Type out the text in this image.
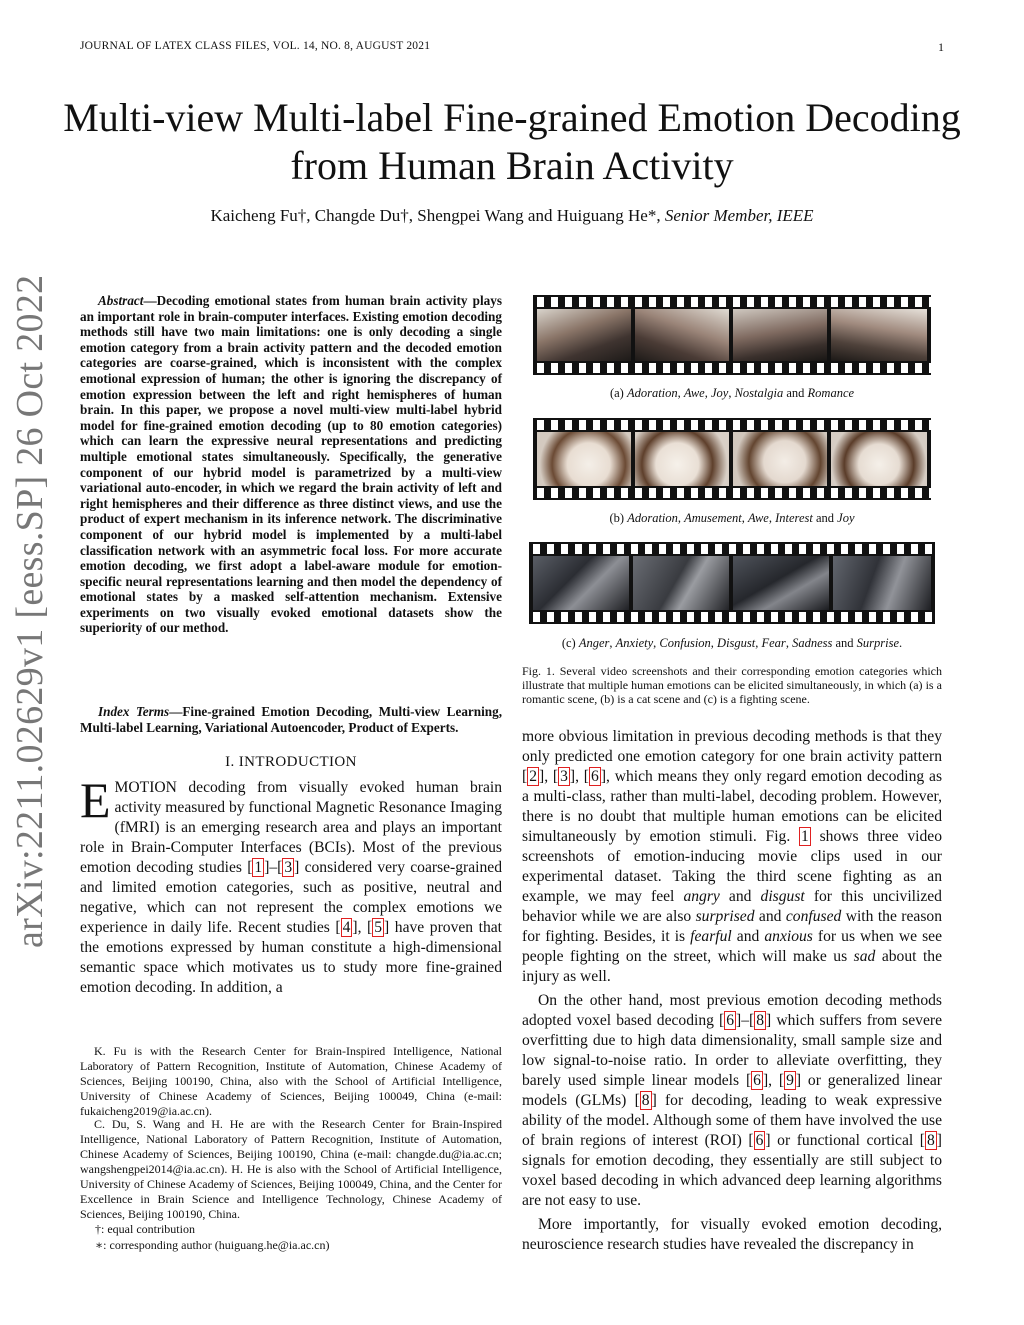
JOURNAL OF LATEX CLASS FILES, VOL. 14, NO. 8, AUGUST 2021	1
Multi-view Multi-label Fine-grained Emotion Decoding from Human Brain Activity
Kaicheng Fu†, Changde Du†, Shengpei Wang and Huiguang He*, Senior Member, IEEE
arXiv:2211.02629v1 [eess.SP] 26 Oct 2022	Abstract—Decoding emotional states from human brain activity plays an important role in brain-computer interfaces. Existing emotion decoding methods still have two main limitations: one is only decoding a single emotion category from a brain activity pattern and the decoded emotion categories are coarse-grained, which is inconsistent with the complex emotional expression of human; the other is ignoring the discrepancy of emotion expression between the left and right hemispheres of human brain. In this paper, we propose a novel multi-view multi-label hybrid model for fine-grained emotion decoding (up to 80 emotion categories) which can learn the expressive neural representations and predicting multiple emotional states simultaneously. Specifically, the generative component of our hybrid model is parametrized by a multi-view variational auto-encoder, in which we regard the brain activity of left and right hemispheres and their difference as three distinct views, and use the product of expert mechanism in its inference network. The discriminative component of our hybrid model is implemented by a multi-label classification network with an asymmetric focal loss. For more accurate emotion decoding, we first adopt a label-aware module for emotion-specific neural representations learning and then model the dependency of emotional states by a masked self-attention mechanism. Extensive experiments on two visually evoked emotional datasets show the superiority of our method.
Index Terms—Fine-grained Emotion Decoding, Multi-view Learning, Multi-label Learning, Variational Autoencoder, Product of Experts.
I. INTRODUCTION
EMOTION decoding from visually evoked human brain activity measured by functional Magnetic Resonance Imaging (fMRI) is an emerging research area and plays an important role in Brain-Computer Interfaces (BCIs). Most of the previous emotion decoding studies [ 1 ]–[ 3 ] considered very coarse-grained and limited emotion categories, such as positive, neutral and negative, which can not represent the complex emotions we experience in daily life. Recent studies [ 4 ], [ 5 ] have proven that the emotions expressed by human constitute a high-dimensional semantic space which motivates us to study more fine-grained emotion decoding. In addition, a
K. Fu is with the Research Center for Brain-Inspired Intelligence, National Laboratory of Pattern Recognition, Institute of Automation, Chinese Academy of Sciences, Beijing 100190, China, also with the School of Artificial Intelligence, University of Chinese Academy of Sciences, Beijing 100049, China (e-mail: fukaicheng2019@ia.ac.cn).
C. Du, S. Wang and H. He are with the Research Center for Brain-Inspired Intelligence, National Laboratory of Pattern Recognition, Institute of Automation, Chinese Academy of Sciences, Beijing 100190, China (e-mail: changde.du@ia.ac.cn; wangshengpei2014@ia.ac.cn). H. He is also with the School of Artificial Intelligence, University of Chinese Academy of Sciences, Beijing 100049, China, and the Center for Excellence in Brain Science and Intelligence Technology, Chinese Academy of Sciences, Beijing 100190, China.
†: equal contribution
∗: corresponding author (huiguang.he@ia.ac.cn)
(a) Adoration, Awe, Joy, Nostalgia and Romance
(b) Adoration, Amusement, Awe, Interest and Joy
(c) Anger, Anxiety, Confusion, Disgust, Fear, Sadness and Surprise.
Fig. 1. Several video screenshots and their corresponding emotion categories which illustrate that multiple human emotions can be elicited simultaneously, in which (a) is a romantic scene, (b) is a cat scene and (c) is a fighting scene.

more obvious limitation in previous decoding methods is that they only predicted one emotion category for one brain activity pattern [ 2 ], [ 3 ], [ 6 ], which means they only regard emotion decoding as a multi-class, rather than multi-label, decoding problem. However, there is no doubt that multiple human emotions can be elicited simultaneously by emotion stimuli. Fig. 1 shows three video screenshots of emotion-inducing movie clips used in our experimental dataset. Taking the third scene fighting as an example, we may feel angry and disgust for this uncivilized behavior while we are also surprised and confused with the reason for fighting. Besides, it is fearful and anxious for us when we see people fighting on the street, which will make us sad about the injury as well.

On the other hand, most previous emotion decoding methods adopted voxel based decoding [ 6 ]–[ 8 ] which suffers from severe overfitting due to high data dimensionality, small sample size and low signal-to-noise ratio. In order to alleviate overfitting, they barely used simple linear models [ 6 ], [ 9 ] or generalized linear models (GLMs) [ 8 ] for decoding, leading to weak expressive ability of the model. Although some of them have involved the use of brain regions of interest (ROI) [ 6 ] or functional cortical [ 8 ] signals for emotion decoding, they essentially are still subject to voxel based decoding in which advanced deep learning algorithms are not easy to use.

More importantly, for visually evoked emotion decoding, neuroscience research studies have revealed the discrepancy in
